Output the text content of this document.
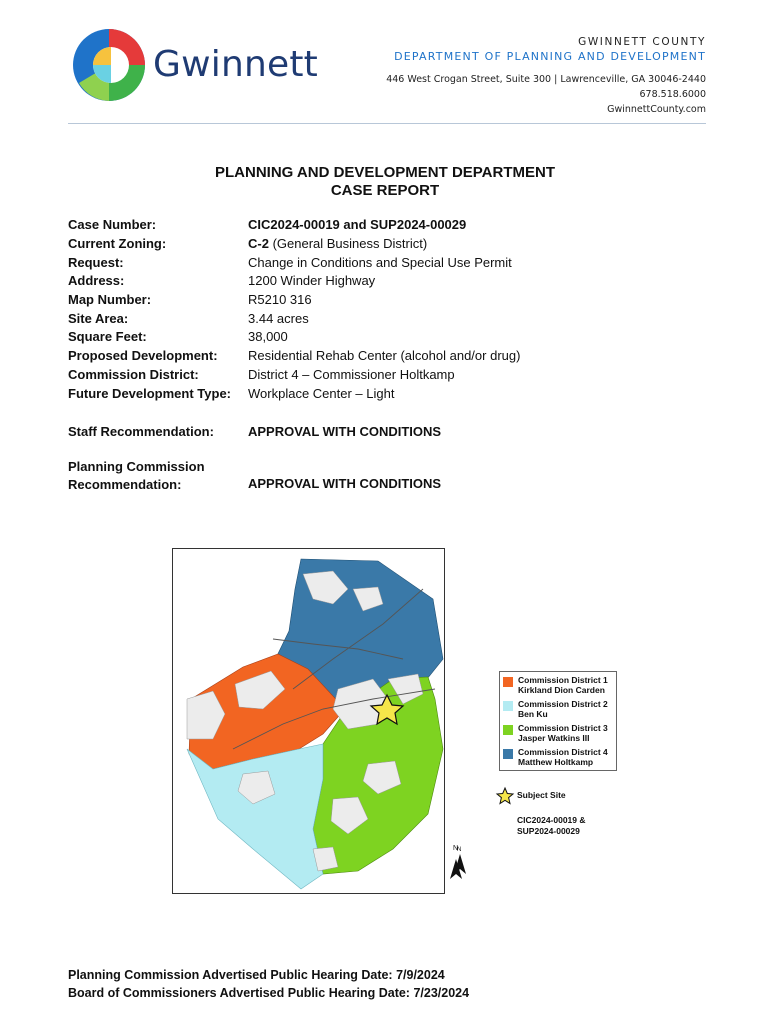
Gwinnett
GWINNETT COUNTY
DEPARTMENT OF PLANNING AND DEVELOPMENT
446 West Crogan Street, Suite 300 | Lawrenceville, GA 30046-2440
678.518.6000
GwinnettCounty.com
PLANNING AND DEVELOPMENT DEPARTMENT
CASE REPORT
Case Number:	CIC2024-00019 and SUP2024-00029
Current Zoning:	C-2 (General Business District)
Request:	Change in Conditions and Special Use Permit
Address:	1200 Winder Highway
Map Number:	R5210 316
Site Area:	3.44 acres
Square Feet:	38,000
Proposed Development: Residential Rehab Center (alcohol and/or drug)
Commission District:	District 4 – Commissioner Holtkamp
Future Development Type: Workplace Center – Light
Staff Recommendation:	APPROVAL WITH CONDITIONS
Planning Commission
Recommendation:	APPROVAL WITH CONDITIONS
N
N
Commission District 1
Kirkland Dion Carden
Commission District 2
Ben Ku
Commission District 3
Jasper Watkins III
Commission District 4
Matthew Holtkamp
Subject Site
CIC2024-00019 &
SUP2024-00029
Planning Commission Advertised Public Hearing Date: 7/9/2024
Board of Commissioners Advertised Public Hearing Date: 7/23/2024
